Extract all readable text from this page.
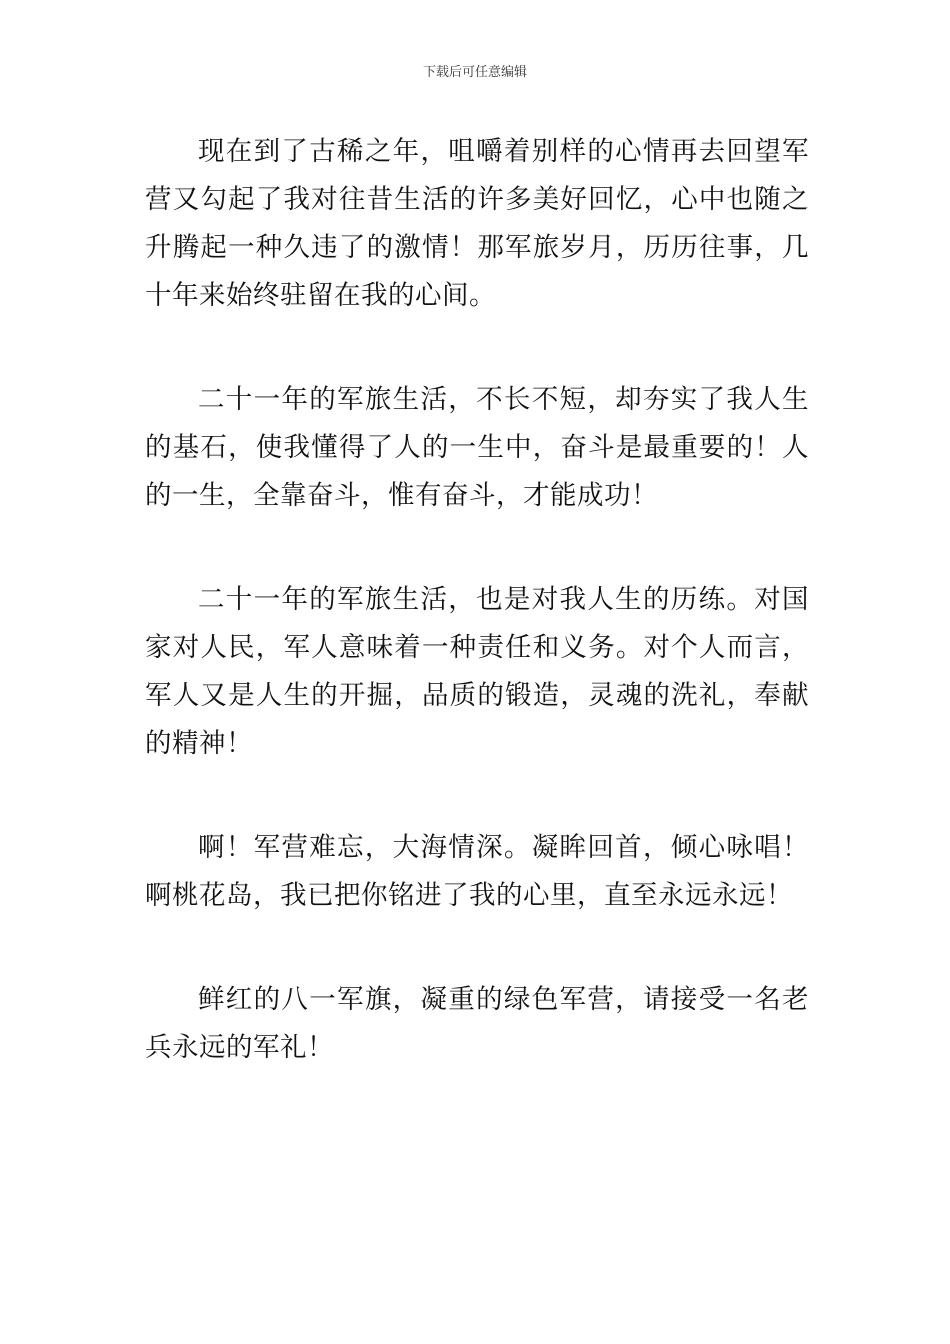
下载后可任意编辑

现在到了古稀之年，咀嚼着别样的心情再去回望军营又勾起了我对往昔生活的许多美好回忆，心中也随之升腾起一种久违了的激情！那军旅岁月，历历往事，几十年来始终驻留在我的心间。

二十一年的军旅生活，不长不短，却夯实了我人生的基石，使我懂得了人的一生中，奋斗是最重要的！人的一生，全靠奋斗，惟有奋斗，才能成功！

二十一年的军旅生活，也是对我人生的历练。对国家对人民，军人意味着一种责任和义务。对个人而言，军人又是人生的开掘，品质的锻造，灵魂的洗礼，奉献的精神！

啊！军营难忘，大海情深。凝眸回首，倾心咏唱！啊桃花岛，我已把你铭进了我的心里，直至永远永远！

鲜红的八一军旗，凝重的绿色军营，请接受一名老兵永远的军礼！
